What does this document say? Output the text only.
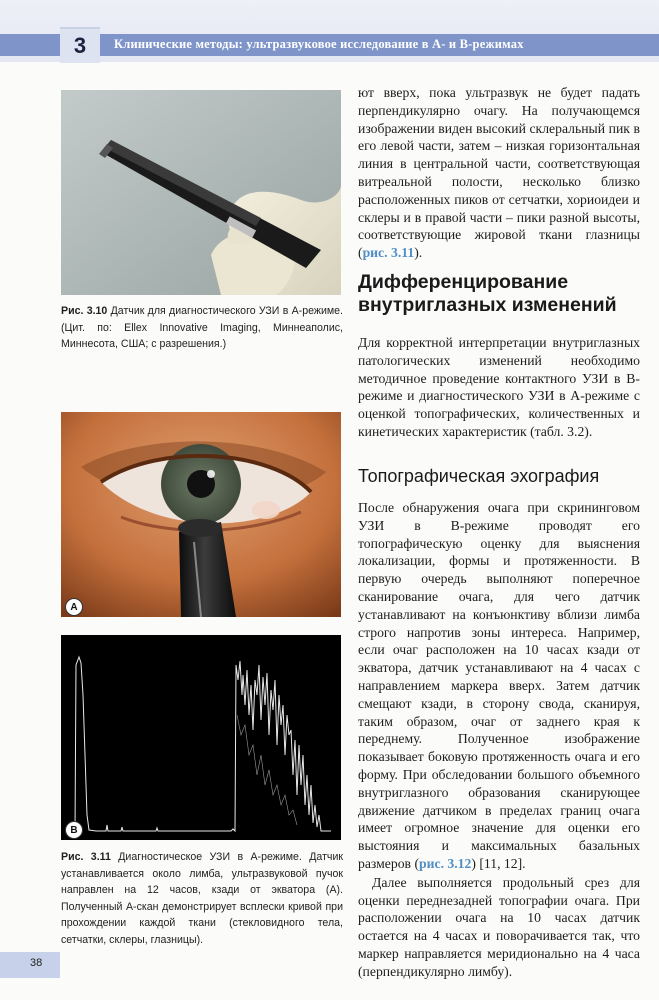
3	Клинические методы: ультразвуковое исследование в А- и В-режимах
Рис. 3.10 Датчик для диагностического УЗИ в А-режиме. (Цит. по: Ellex Innovative Imaging, Миннеаполис, Миннесота, США; с разрешения.)
A
B
Рис. 3.11 Диагностическое УЗИ в А-режиме. Датчик устанавливается около лимба, ультразвуковой пучок направлен на 12 часов, кзади от экватора (A). Полученный А-скан демонстрирует всплески кривой при прохождении каждой ткани (стекловидного тела, сетчатки, склеры, глазницы).

ют вверх, пока ультразвук не будет падать перпендикулярно очагу. На получающемся изображении виден высокий склеральный пик в его левой части, затем – низкая горизонтальная линия в центральной части, соответствующая витреальной полости, несколько близко расположенных пиков от сетчатки, хориоидеи и склеры и в правой части – пики разной высоты, соответствующие жировой ткани глазницы (рис. 3.11).

Дифференцирование внутриглазных изменений

Для корректной интерпретации внутриглазных патологических изменений необходимо методичное проведение контактного УЗИ в В-режиме и диагностического УЗИ в А-режиме с оценкой топографических, количественных и кинетических характеристик (табл. 3.2).

Топографическая эхография

После обнаружения очага при скрининговом УЗИ в В-режиме проводят его топографическую оценку для выяснения локализации, формы и протяженности. В первую очередь выполняют поперечное сканирование очага, для чего датчик устанавливают на конъюнктиву вблизи лимба строго напротив зоны интереса. Например, если очаг расположен на 10 часах кзади от экватора, датчик устанавливают на 4 часах с направлением маркера вверх. Затем датчик смещают кзади, в сторону свода, сканируя, таким образом, очаг от заднего края к переднему. Полученное изображение показывает боковую протяженность очага и его форму. При обследовании большого объемного внутриглазного образования сканирующее движение датчиком в пределах границ очага имеет огромное значение для оценки его выстояния и максимальных базальных размеров (рис. 3.12) [11, 12].

Далее выполняется продольный срез для оценки переднезадней топографии очага. При расположении очага на 10 часах датчик остается на 4 часах и поворачивается так, что маркер направляется меридионально на 4 часа (перпендикулярно лимбу).

38
